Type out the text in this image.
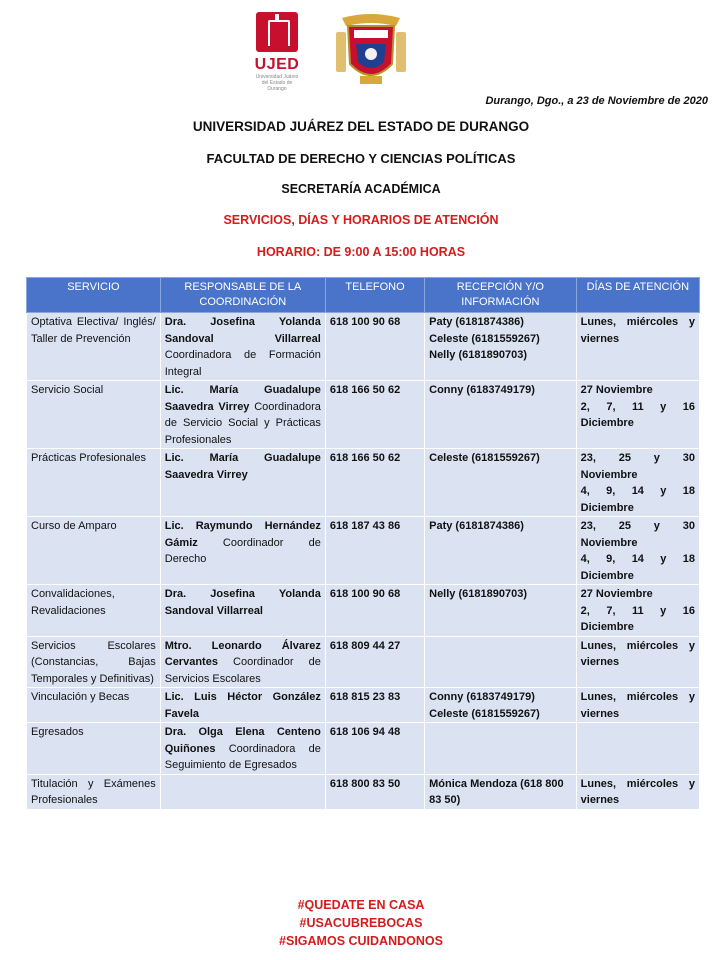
UJED
Universidad Juárez del Estado de Durango
Durango, Dgo., a 23 de Noviembre de 2020
UNIVERSIDAD JUÁREZ DEL ESTADO DE DURANGO
FACULTAD DE DERECHO Y CIENCIAS POLÍTICAS
SECRETARÍA ACADÉMICA
SERVICIOS, DÍAS Y HORARIOS DE ATENCIÓN
HORARIO: DE 9:00 A 15:00 HORAS
SERVICIO	RESPONSABLE DE LA COORDINACIÓN	TELEFONO	RECEPCIÓN Y/O INFORMACIÓN	DÍAS DE ATENCIÓN
Optativa Electiva/ Inglés/ Taller de Prevención	Dra. Josefina Yolanda Sandoval Villarreal Coordinadora de Formación Integral	618 100 90 68	Paty (6181874386)
Celeste (6181559267)
Nelly (6181890703)	Lunes, miércoles y viernes

Servicio Social	Lic. María Guadalupe Saavedra Virrey Coordinadora de Servicio Social y Prácticas Profesionales	618 166 50 62	Conny (6183749179)	27 Noviembre
2, 7, 11 y 16 Diciembre

Prácticas Profesionales	Lic. María Guadalupe Saavedra Virrey	618 166 50 62	Celeste (6181559267)	23, 25 y 30 Noviembre
4, 9, 14 y 18 Diciembre

Curso de Amparo	Lic. Raymundo Hernández Gámiz Coordinador de Derecho	618 187 43 86	Paty (6181874386)	23, 25 y 30 Noviembre
4, 9, 14 y 18 Diciembre

Convalidaciones, Revalidaciones	Dra. Josefina Yolanda Sandoval Villarreal	618 100 90 68	Nelly (6181890703)	27 Noviembre
2, 7, 11 y 16 Diciembre

Servicios Escolares (Constancias, Bajas Temporales y Definitivas)	Mtro. Leonardo Álvarez Cervantes Coordinador de Servicios Escolares	618 809 44 27		Lunes, miércoles y viernes

Vinculación y Becas	Lic. Luis Héctor González Favela	618 815 23 83	Conny (6183749179)
Celeste (6181559267)	Lunes, miércoles y viernes

Egresados	Dra. Olga Elena Centeno Quiñones Coordinadora de Seguimiento de Egresados	618 106 94 48		
Titulación y Exámenes Profesionales		618 800 83 50	Mónica Mendoza (618 800 83 50)	Lunes, miércoles y viernes
#QUEDATE EN CASA
#USACUBREBOCAS
#SIGAMOS CUIDANDONOS
